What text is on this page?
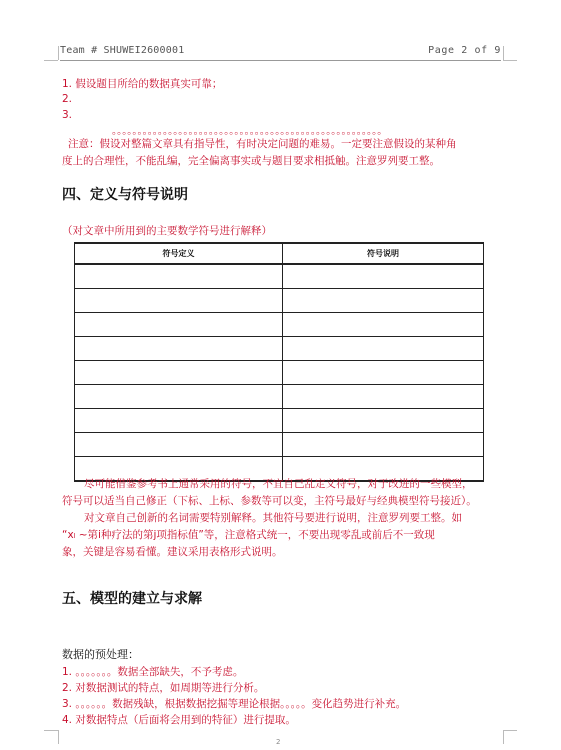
Team # SHUWEI2600001	Page 2 of 9
1. 假设题目所给的数据真实可靠；
2.
3.
。。。。。。。。。。。。。。。。。。。。。。。。。。。。。。。。。。。。。。。。。。。。。。。。。。。。。
注意：假设对整篇文章具有指导性，有时决定问题的难易。一定要注意假设的某种角
度上的合理性，不能乱编，完全偏离事实或与题目要求相抵触。注意罗列要工整。
四、定义与符号说明
（对文章中所用到的主要数学符号进行解释）
符号定义	符号说明

尽可能借鉴参考书上通常采用的符号，不宜自己乱定义符号，对于改进的一些模型，
符号可以适当自己修正（下标、上标、参数等可以变，主符号最好与经典模型符号接近）。
对文章自己创新的名词需要特别解释。其他符号要进行说明，注意罗列要工整。如
“xₗ ~第i种疗法的第j项指标值”等，注意格式统一，不要出现零乱或前后不一致现
象，关键是容易看懂。建议采用表格形式说明。
五、模型的建立与求解
数据的预处理：
1. 。。。。。。。数据全部缺失，不予考虑。
2. 对数据测试的特点，如周期等进行分析。
3. 。。。。。。数据残缺，根据数据挖掘等理论根据。。。。。变化趋势进行补充。
4. 对数据特点（后面将会用到的特征）进行提取。
2
